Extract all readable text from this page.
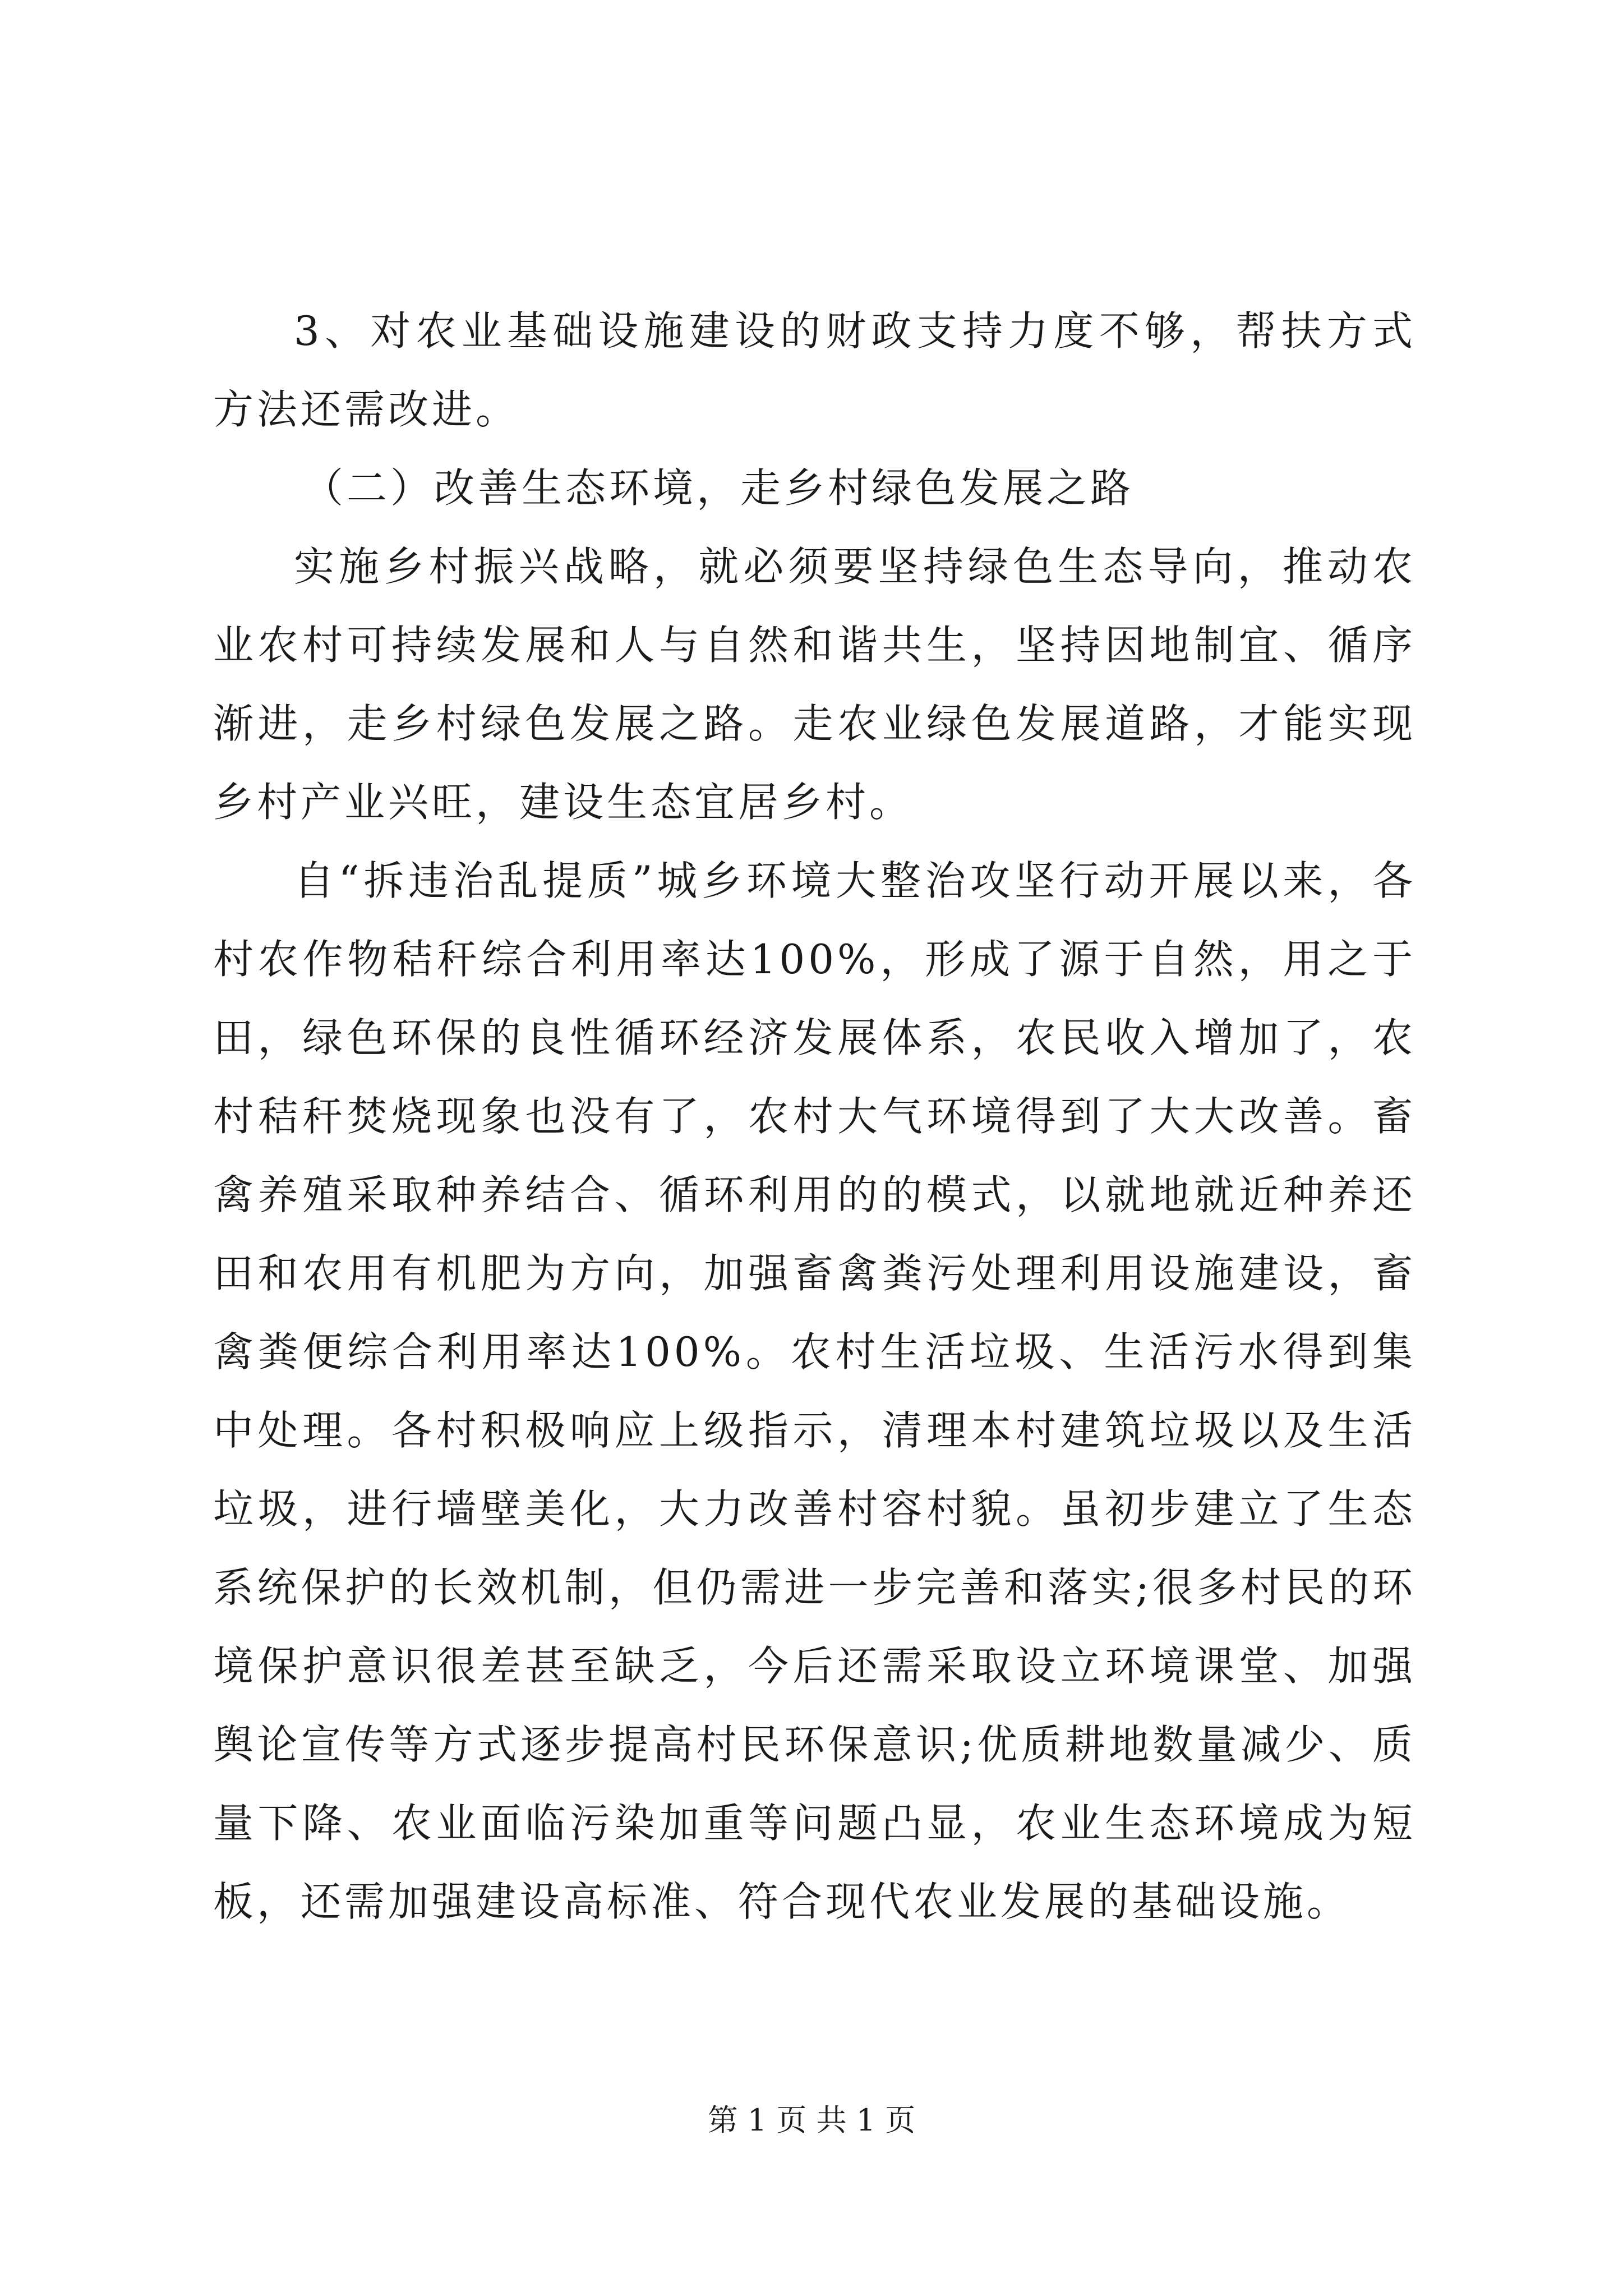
3、对农业基础设施建设的财政支持力度不够，帮扶方式方法还需改进。

（二）改善生态环境，走乡村绿色发展之路

实施乡村振兴战略，就必须要坚持绿色生态导向，推动农业农村可持续发展和人与自然和谐共生，坚持因地制宜、循序渐进，走乡村绿色发展之路。走农业绿色发展道路，才能实现乡村产业兴旺，建设生态宜居乡村。

自“拆违治乱提质”城乡环境大整治攻坚行动开展以来，各村农作物秸秆综合利用率达100%，形成了源于自然，用之于田，绿色环保的良性循环经济发展体系，农民收入增加了，农村秸秆焚烧现象也没有了，农村大气环境得到了大大改善。畜禽养殖采取种养结合、循环利用的的模式，以就地就近种养还田和农用有机肥为方向，加强畜禽粪污处理利用设施建设，畜禽粪便综合利用率达100%。农村生活垃圾、生活污水得到集中处理。各村积极响应上级指示，清理本村建筑垃圾以及生活垃圾，进行墙壁美化，大力改善村容村貌。虽初步建立了生态系统保护的长效机制，但仍需进一步完善和落实;很多村民的环境保护意识很差甚至缺乏，今后还需采取设立环境课堂、加强舆论宣传等方式逐步提高村民环保意识;优质耕地数量减少、质量下降、农业面临污染加重等问题凸显，农业生态环境成为短板，还需加强建设高标准、符合现代农业发展的基础设施。

第 1 页 共 1 页
